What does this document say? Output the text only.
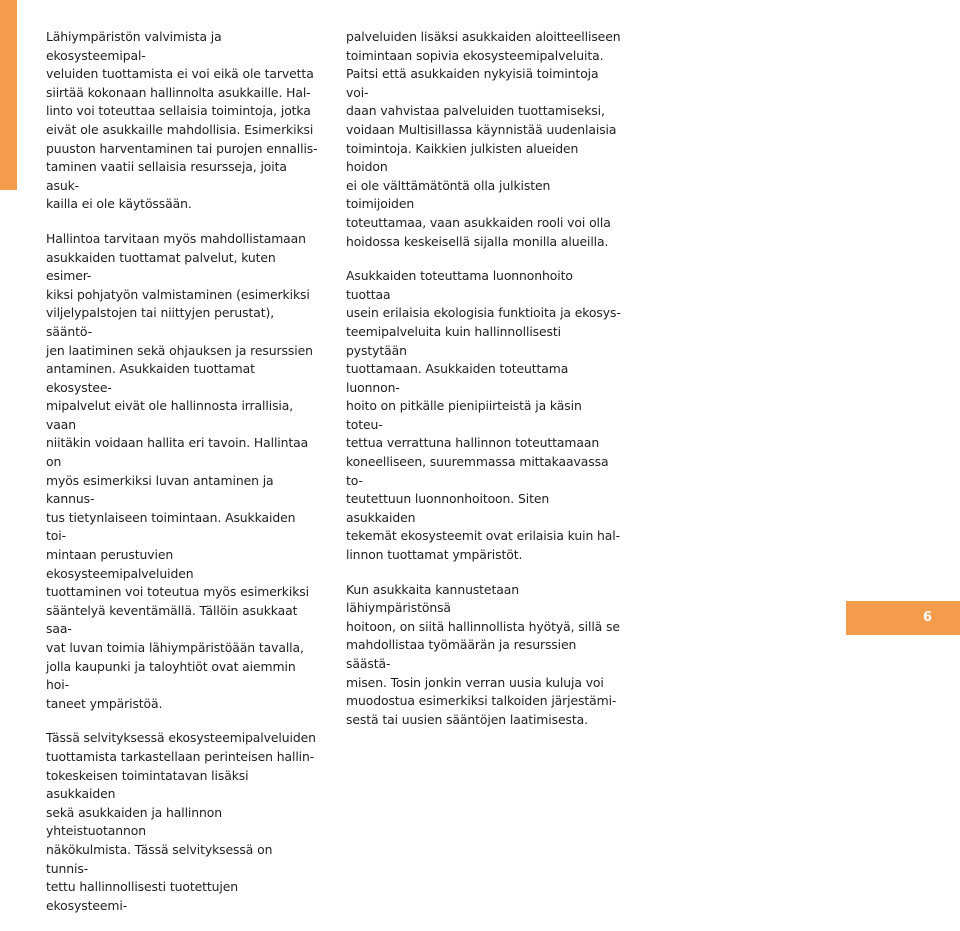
Lähiympäristön valvimista ja ekosysteemipal-
veluiden tuottamista ei voi eikä ole tarvetta
siirtää kokonaan hallinnolta asukkaille. Hal-
linto voi toteuttaa sellaisia toimintoja, jotka
eivät ole asukkaille mahdollisia. Esimerkiksi
puuston harventaminen tai purojen ennallis-
taminen vaatii sellaisia resursseja, joita asuk-
kailla ei ole käytössään.

Hallintoa tarvitaan myös mahdollistamaan
asukkaiden tuottamat palvelut, kuten esimer-
kiksi pohjatyön valmistaminen (esimerkiksi
viljelypalstojen tai niittyjen perustat), sääntö-
jen laatiminen sekä ohjauksen ja resurssien
antaminen. Asukkaiden tuottamat ekosystee-
mipalvelut eivät ole hallinnosta irrallisia, vaan
niitäkin voidaan hallita eri tavoin. Hallintaa on
myös esimerkiksi luvan antaminen ja kannus-
tus tietynlaiseen toimintaan. Asukkaiden toi-
mintaan perustuvien ekosysteemipalveluiden
tuottaminen voi toteutua myös esimerkiksi
sääntelyä keventämällä. Tällöin asukkaat saa-
vat luvan toimia lähiympäristöään tavalla,
jolla kaupunki ja taloyhtiöt ovat aiemmin hoi-
taneet ympäristöä.

Tässä selvityksessä ekosysteemipalveluiden
tuottamista tarkastellaan perinteisen hallin-
tokeskeisen toimintatavan lisäksi asukkaiden
sekä asukkaiden ja hallinnon yhteistuotannon
näkökulmista. Tässä selvityksessä on tunnis-
tettu hallinnollisesti tuotettujen ekosysteemi-

palveluiden lisäksi asukkaiden aloitteelliseen
toimintaan sopivia ekosysteemipalveluita.
Paitsi että asukkaiden nykyisiä toimintoja voi-
daan vahvistaa palveluiden tuottamiseksi,
voidaan Multisillassa käynnistää uudenlaisia
toimintoja. Kaikkien julkisten alueiden hoidon
ei ole välttämätöntä olla julkisten toimijoiden
toteuttamaa, vaan asukkaiden rooli voi olla
hoidossa keskeisellä sijalla monilla alueilla.

Asukkaiden toteuttama luonnonhoito tuottaa
usein erilaisia ekologisia funktioita ja ekosys-
teemipalveluita kuin hallinnollisesti pystytään
tuottamaan. Asukkaiden toteuttama luonnon-
hoito on pitkälle pienipiirteistä ja käsin toteu-
tettua verrattuna hallinnon toteuttamaan
koneelliseen, suuremmassa mittakaavassa to-
teutettuun luonnonhoitoon. Siten asukkaiden
tekemät ekosysteemit ovat erilaisia kuin hal-
linnon tuottamat ympäristöt.

Kun asukkaita kannustetaan lähiympäristönsä
hoitoon, on siitä hallinnollista hyötyä, sillä se
mahdollistaa työmäärän ja resurssien säästä-
misen. Tosin jonkin verran uusia kuluja voi
muodostua esimerkiksi talkoiden järjestämi-
sestä tai uusien sääntöjen laatimisesta.

6
